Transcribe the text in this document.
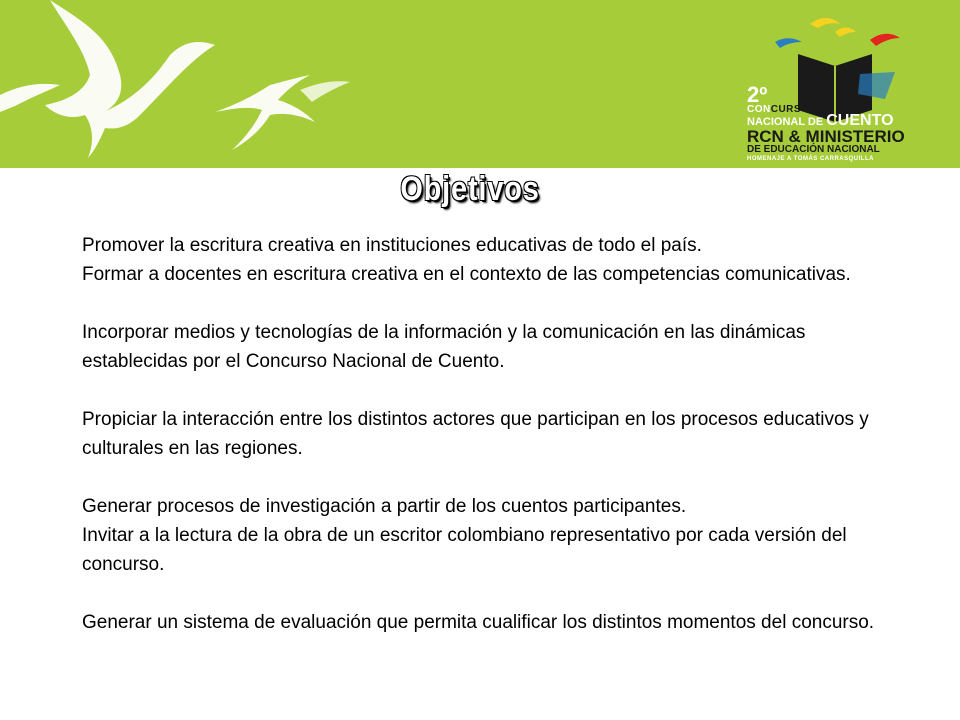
2º
CONCURSO
NACIONAL DE CUENTO
RCN & MINISTERIO
DE EDUCACIÓN NACIONAL
HOMENAJE A TOMÁS CARRASQUILLA
Objetivos

Promover la escritura creativa en instituciones educativas de todo el país.
Formar a docentes en escritura creativa en el contexto de las competencias comunicativas.

Incorporar medios y tecnologías de la información y la comunicación en las dinámicas establecidas por el Concurso Nacional de Cuento.

Propiciar la interacción entre los distintos actores que participan en los procesos educativos y culturales en las regiones.

Generar procesos de investigación a partir de los cuentos participantes.
Invitar a la lectura de la obra de un escritor colombiano representativo por cada versión del concurso.

Generar un sistema de evaluación que permita cualificar los distintos momentos del concurso.
